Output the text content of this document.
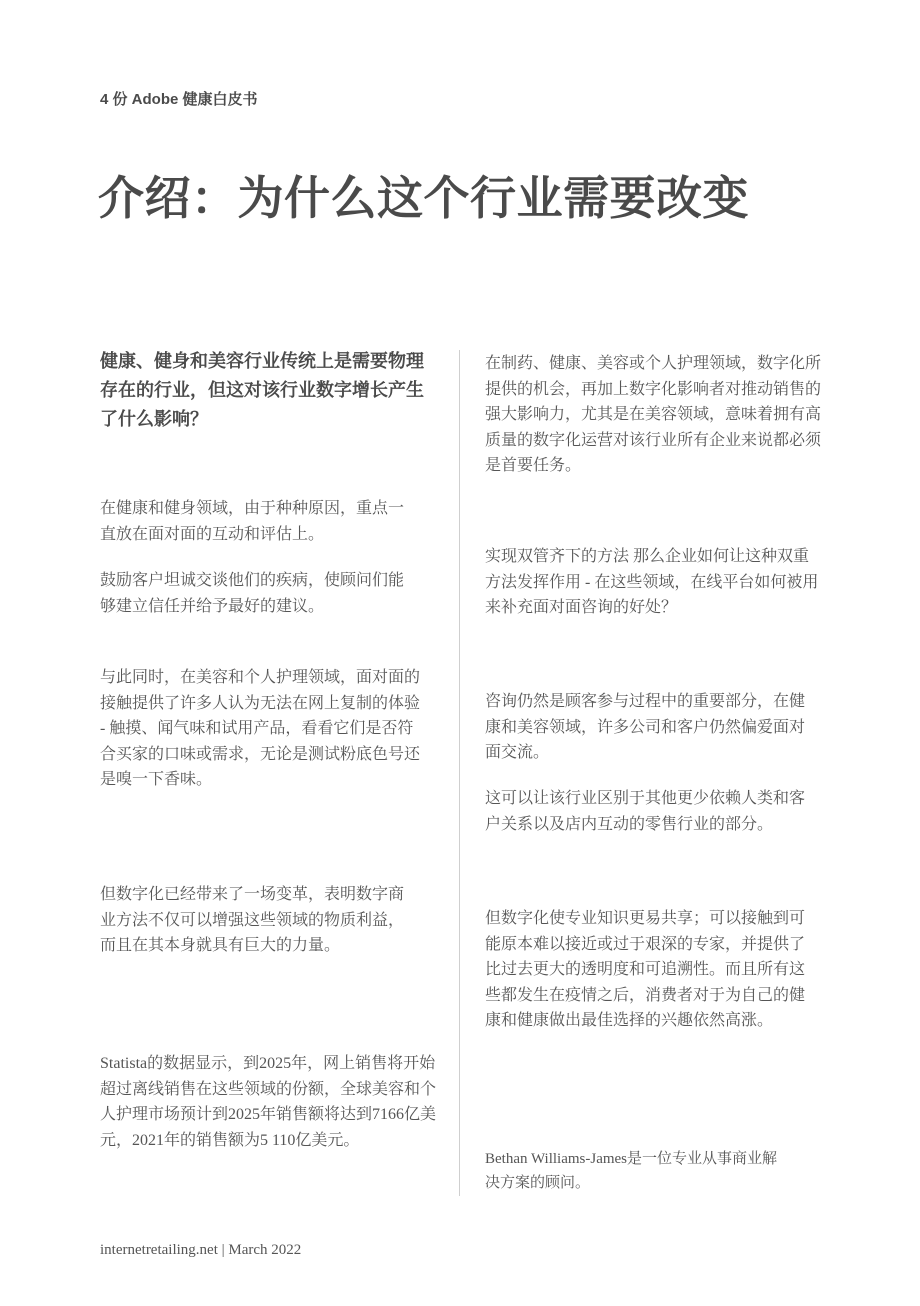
4 份 Adobe 健康白皮书
介绍：为什么这个行业需要改变

健康、健身和美容行业传统上是需要物理存在的行业，但这对该行业数字增长产生了什么影响？

在健康和健身领域，由于种种原因，重点一直放在面对面的互动和评估上。

鼓励客户坦诚交谈他们的疾病，使顾问们能够建立信任并给予最好的建议。

与此同时，在美容和个人护理领域，面对面的接触提供了许多人认为无法在网上复制的体验 - 触摸、闻气味和试用产品，看看它们是否符合买家的口味或需求，无论是测试粉底色号还是嗅一下香味。

但数字化已经带来了一场变革，表明数字商业方法不仅可以增强这些领域的物质利益，而且在其本身就具有巨大的力量。

Statista的数据显示，到2025年，网上销售将开始超过离线销售在这些领域的份额，全球美容和个人护理市场预计到2025年销售额将达到7166亿美元，2021年的销售额为5 110亿美元。

在制药、健康、美容或个人护理领域，数字化所提供的机会，再加上数字化影响者对推动销售的强大影响力，尤其是在美容领域，意味着拥有高质量的数字化运营对该行业所有企业来说都必须是首要任务。

实现双管齐下的方法 那么企业如何让这种双重方法发挥作用 - 在这些领域，在线平台如何被用来补充面对面咨询的好处？

咨询仍然是顾客参与过程中的重要部分，在健康和美容领域，许多公司和客户仍然偏爱面对面交流。

这可以让该行业区别于其他更少依赖人类和客户关系以及店内互动的零售行业的部分。

但数字化使专业知识更易共享；可以接触到可能原本难以接近或过于艰深的专家，并提供了比过去更大的透明度和可追溯性。而且所有这些都发生在疫情之后，消费者对于为自己的健康和健康做出最佳选择的兴趣依然高涨。

Bethan Williams-James是一位专业从事商业解决方案的顾问。

internetretailing.net | March 2022
